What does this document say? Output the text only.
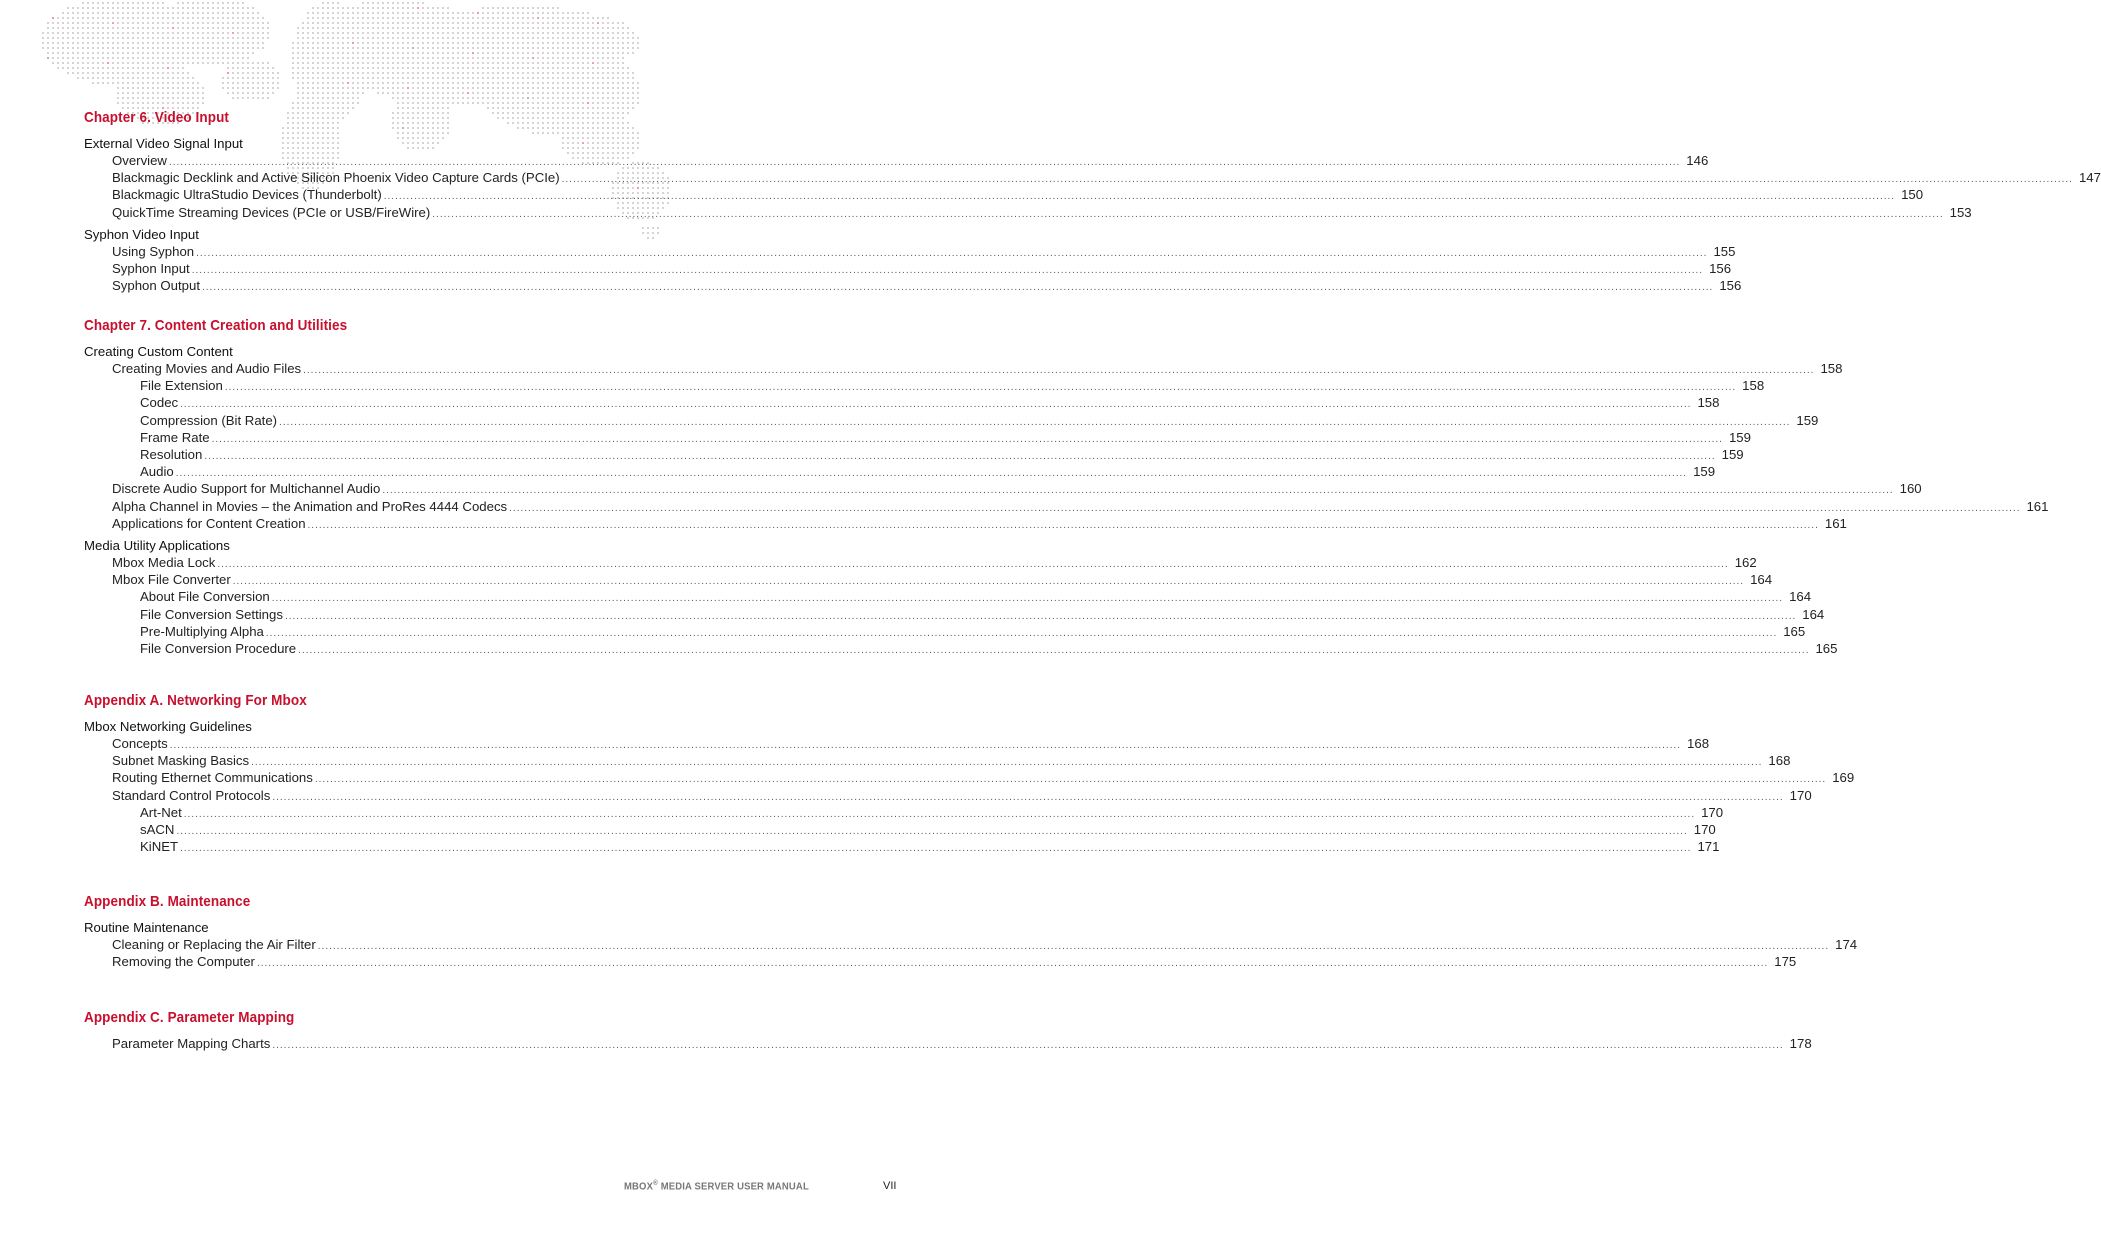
Chapter 6. Video Input
External Video Signal Input
Overview ................................................................................................................................................................................................................................................................................................................................................................................................................ 146
Blackmagic Decklink and Active Silicon Phoenix Video Capture Cards (PCIe) ................................................................................................................................................................................................................................................................................................................................................................................................................ 147
Blackmagic UltraStudio Devices (Thunderbolt) ................................................................................................................................................................................................................................................................................................................................................................................................................ 150
QuickTime Streaming Devices (PCIe or USB/FireWire) ................................................................................................................................................................................................................................................................................................................................................................................................................ 153
Syphon Video Input
Using Syphon ................................................................................................................................................................................................................................................................................................................................................................................................................ 155
Syphon Input ................................................................................................................................................................................................................................................................................................................................................................................................................ 156
Syphon Output ................................................................................................................................................................................................................................................................................................................................................................................................................ 156
Chapter 7. Content Creation and Utilities
Creating Custom Content
Creating Movies and Audio Files ................................................................................................................................................................................................................................................................................................................................................................................................................ 158
File Extension ................................................................................................................................................................................................................................................................................................................................................................................................................ 158
Codec ................................................................................................................................................................................................................................................................................................................................................................................................................ 158
Compression (Bit Rate) ................................................................................................................................................................................................................................................................................................................................................................................................................ 159
Frame Rate ................................................................................................................................................................................................................................................................................................................................................................................................................ 159
Resolution ................................................................................................................................................................................................................................................................................................................................................................................................................ 159
Audio ................................................................................................................................................................................................................................................................................................................................................................................................................ 159
Discrete Audio Support for Multichannel Audio ................................................................................................................................................................................................................................................................................................................................................................................................................ 160
Alpha Channel in Movies – the Animation and ProRes 4444 Codecs ................................................................................................................................................................................................................................................................................................................................................................................................................ 161
Applications for Content Creation ................................................................................................................................................................................................................................................................................................................................................................................................................ 161
Media Utility Applications
Mbox Media Lock ................................................................................................................................................................................................................................................................................................................................................................................................................ 162
Mbox File Converter ................................................................................................................................................................................................................................................................................................................................................................................................................ 164
About File Conversion ................................................................................................................................................................................................................................................................................................................................................................................................................ 164
File Conversion Settings ................................................................................................................................................................................................................................................................................................................................................................................................................ 164
Pre-Multiplying Alpha ................................................................................................................................................................................................................................................................................................................................................................................................................ 165
File Conversion Procedure ................................................................................................................................................................................................................................................................................................................................................................................................................ 165
Appendix A. Networking For Mbox
Mbox Networking Guidelines
Concepts ................................................................................................................................................................................................................................................................................................................................................................................................................ 168
Subnet Masking Basics ................................................................................................................................................................................................................................................................................................................................................................................................................ 168
Routing Ethernet Communications ................................................................................................................................................................................................................................................................................................................................................................................................................ 169
Standard Control Protocols ................................................................................................................................................................................................................................................................................................................................................................................................................ 170
Art-Net ................................................................................................................................................................................................................................................................................................................................................................................................................ 170
sACN ................................................................................................................................................................................................................................................................................................................................................................................................................ 170
KiNET ................................................................................................................................................................................................................................................................................................................................................................................................................ 171
Appendix B. Maintenance
Routine Maintenance
Cleaning or Replacing the Air Filter ................................................................................................................................................................................................................................................................................................................................................................................................................ 174
Removing the Computer ................................................................................................................................................................................................................................................................................................................................................................................................................ 175
Appendix C. Parameter Mapping
Parameter Mapping Charts ................................................................................................................................................................................................................................................................................................................................................................................................................ 178
MBOX® MEDIA SERVER USER MANUAL	VII
